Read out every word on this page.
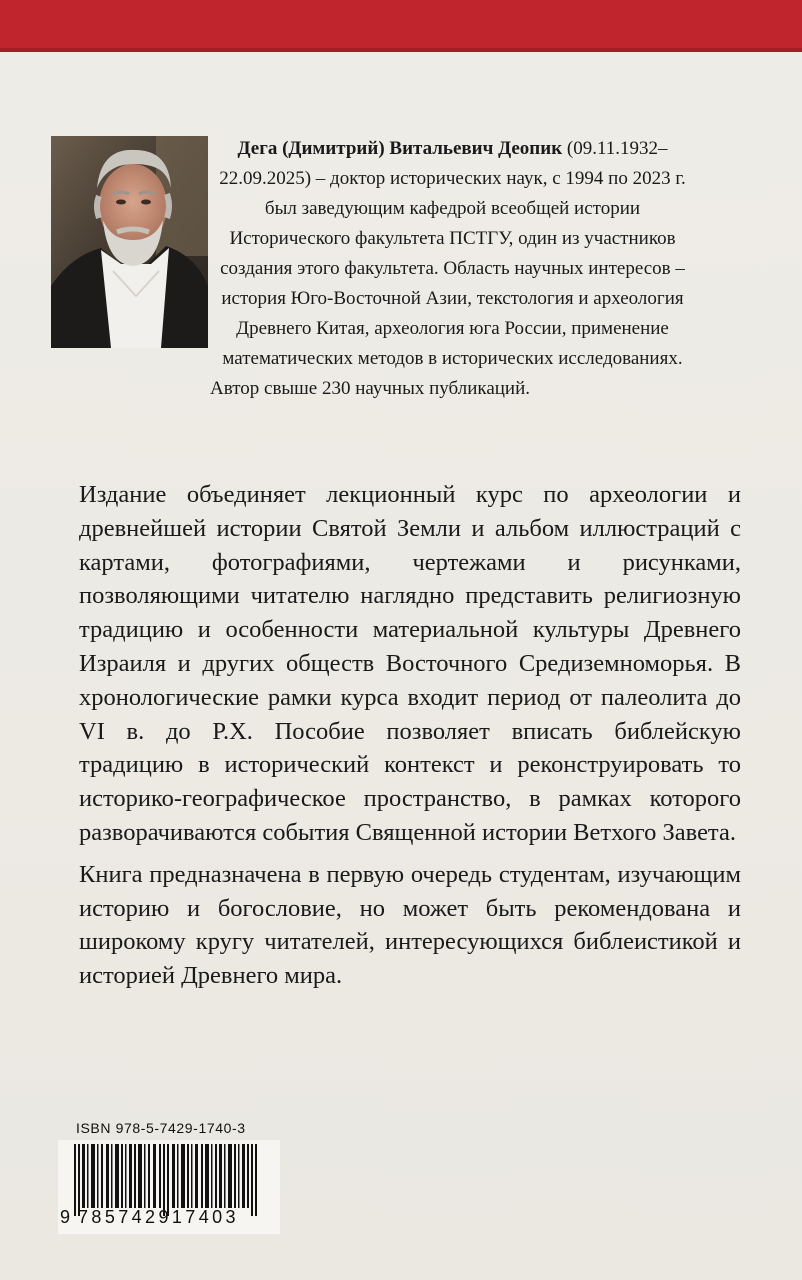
Дега (Димитрий) Витальевич Деопик (09.11.1932–22.09.2025) – доктор исторических наук, с 1994 по 2023 г. был заведующим кафедрой всеобщей истории Исторического факультета ПСТГУ, один из участников создания этого факультета. Область научных интересов – история Юго-Восточной Азии, текстология и археология Древнего Китая, археология юга России, применение математических методов в исторических исследованиях. Автор свыше 230 научных публикаций.

Издание объединяет лекционный курс по археологии и древнейшей истории Святой Земли и альбом иллюстраций с картами, фотографиями, чертежами и рисунками, позволяющими читателю наглядно представить религиозную традицию и особенности материальной культуры Древнего Израиля и других обществ Восточного Средиземноморья. В хронологические рамки курса входит период от палеолита до VI в. до Р.Х. Пособие позволяет вписать библейскую традицию в исторический контекст и реконструировать то историко-географическое пространство, в рамках которого разворачиваются события Священной истории Ветхого Завета.

Книга предназначена в первую очередь студентам, изучающим историю и богословие, но может быть рекомендована и широкому кругу читателей, интересующихся библеистикой и историей Древнего мира.

ISBN 978-5-7429-1740-3
9 785742917403
